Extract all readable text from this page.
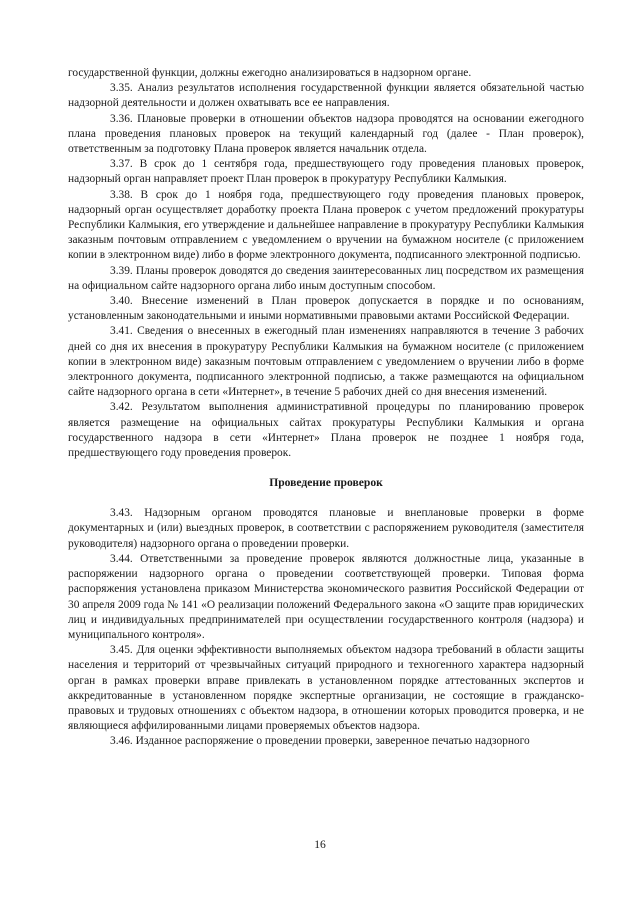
государственной функции, должны ежегодно анализироваться в надзорном органе.

3.35. Анализ результатов исполнения государственной функции является обязательной частью надзорной деятельности и должен охватывать все ее направления.

3.36. Плановые проверки в отношении объектов надзора проводятся на основании ежегодного плана проведения плановых проверок на текущий календарный год (далее - План проверок), ответственным за подготовку Плана проверок является начальник отдела.

3.37. В срок до 1 сентября года, предшествующего году проведения плановых проверок, надзорный орган направляет проект План проверок в прокуратуру Республики Калмыкия.

3.38. В срок до 1 ноября года, предшествующего году проведения плановых проверок, надзорный орган осуществляет доработку проекта Плана проверок с учетом предложений прокуратуры Республики Калмыкия, его утверждение и дальнейшее направление в прокуратуру Республики Калмыкия заказным почтовым отправлением с уведомлением о вручении на бумажном носителе (с приложением копии в электронном виде) либо в форме электронного документа, подписанного электронной подписью.

3.39. Планы проверок доводятся до сведения заинтересованных лиц посредством их размещения на официальном сайте надзорного органа либо иным доступным способом.

3.40. Внесение изменений в План проверок допускается в порядке и по основаниям, установленным законодательными и иными нормативными правовыми актами Российской Федерации.

3.41. Сведения о внесенных в ежегодный план изменениях направляются в течение 3 рабочих дней со дня их внесения в прокуратуру Республики Калмыкия на бумажном носителе (с приложением копии в электронном виде) заказным почтовым отправлением с уведомлением о вручении либо в форме электронного документа, подписанного электронной подписью, а также размещаются на официальном сайте надзорного органа в сети «Интернет», в течение 5 рабочих дней со дня внесения изменений.

3.42. Результатом выполнения административной процедуры по планированию проверок является размещение на официальных сайтах прокуратуры Республики Калмыкия и органа государственного надзора в сети «Интернет» Плана проверок не позднее 1 ноября года, предшествующего году проведения проверок.

Проведение проверок

3.43. Надзорным органом проводятся плановые и внеплановые проверки в форме документарных и (или) выездных проверок, в соответствии с распоряжением руководителя (заместителя руководителя) надзорного органа о проведении проверки.

3.44. Ответственными за проведение проверок являются должностные лица, указанные в распоряжении надзорного органа о проведении соответствующей проверки. Типовая форма распоряжения установлена приказом Министерства экономического развития Российской Федерации от 30 апреля 2009 года № 141 «О реализации положений Федерального закона «О защите прав юридических лиц и индивидуальных предпринимателей при осуществлении государственного контроля (надзора) и муниципального контроля».

3.45. Для оценки эффективности выполняемых объектом надзора требований в области защиты населения и территорий от чрезвычайных ситуаций природного и техногенного характера надзорный орган в рамках проверки вправе привлекать в установленном порядке аттестованных экспертов и аккредитованные в установленном порядке экспертные организации, не состоящие в гражданско-правовых и трудовых отношениях с объектом надзора, в отношении которых проводится проверка, и не являющиеся аффилированными лицами проверяемых объектов надзора.

3.46. Изданное распоряжение о проведении проверки, заверенное печатью надзорного

16
